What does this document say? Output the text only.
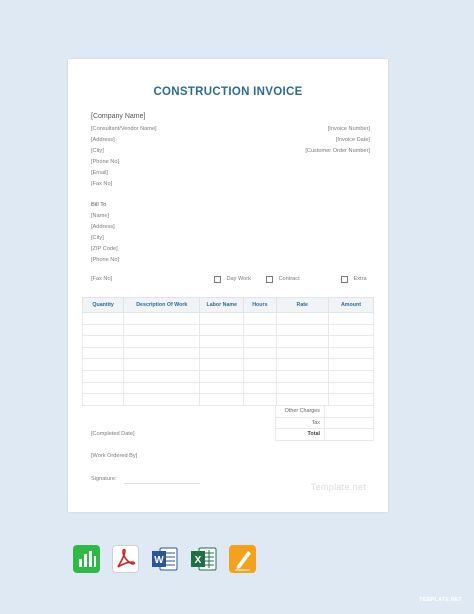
CONSTRUCTION INVOICE
[Company Name]
[Consultant/Vendor Name]
[Address]
[City]
[Phone No]
[Email]
[Fax No]
[Invoice Number]
[Invoice Date]
[Customer Order Number]
Bill To
[Name]
[Address]
[City]
[ZIP Code]
[Phone No]
[Fax No]	Day Work	Contract	Extra
Quantity	Description Of Work	Labor Name	Hours	Rate	Amount

Other Charges	
Tax	
Total	
[Completed Date]
[Work Ordered By]
Signature:
Template.net
W	X
TEMPLATE.NET
